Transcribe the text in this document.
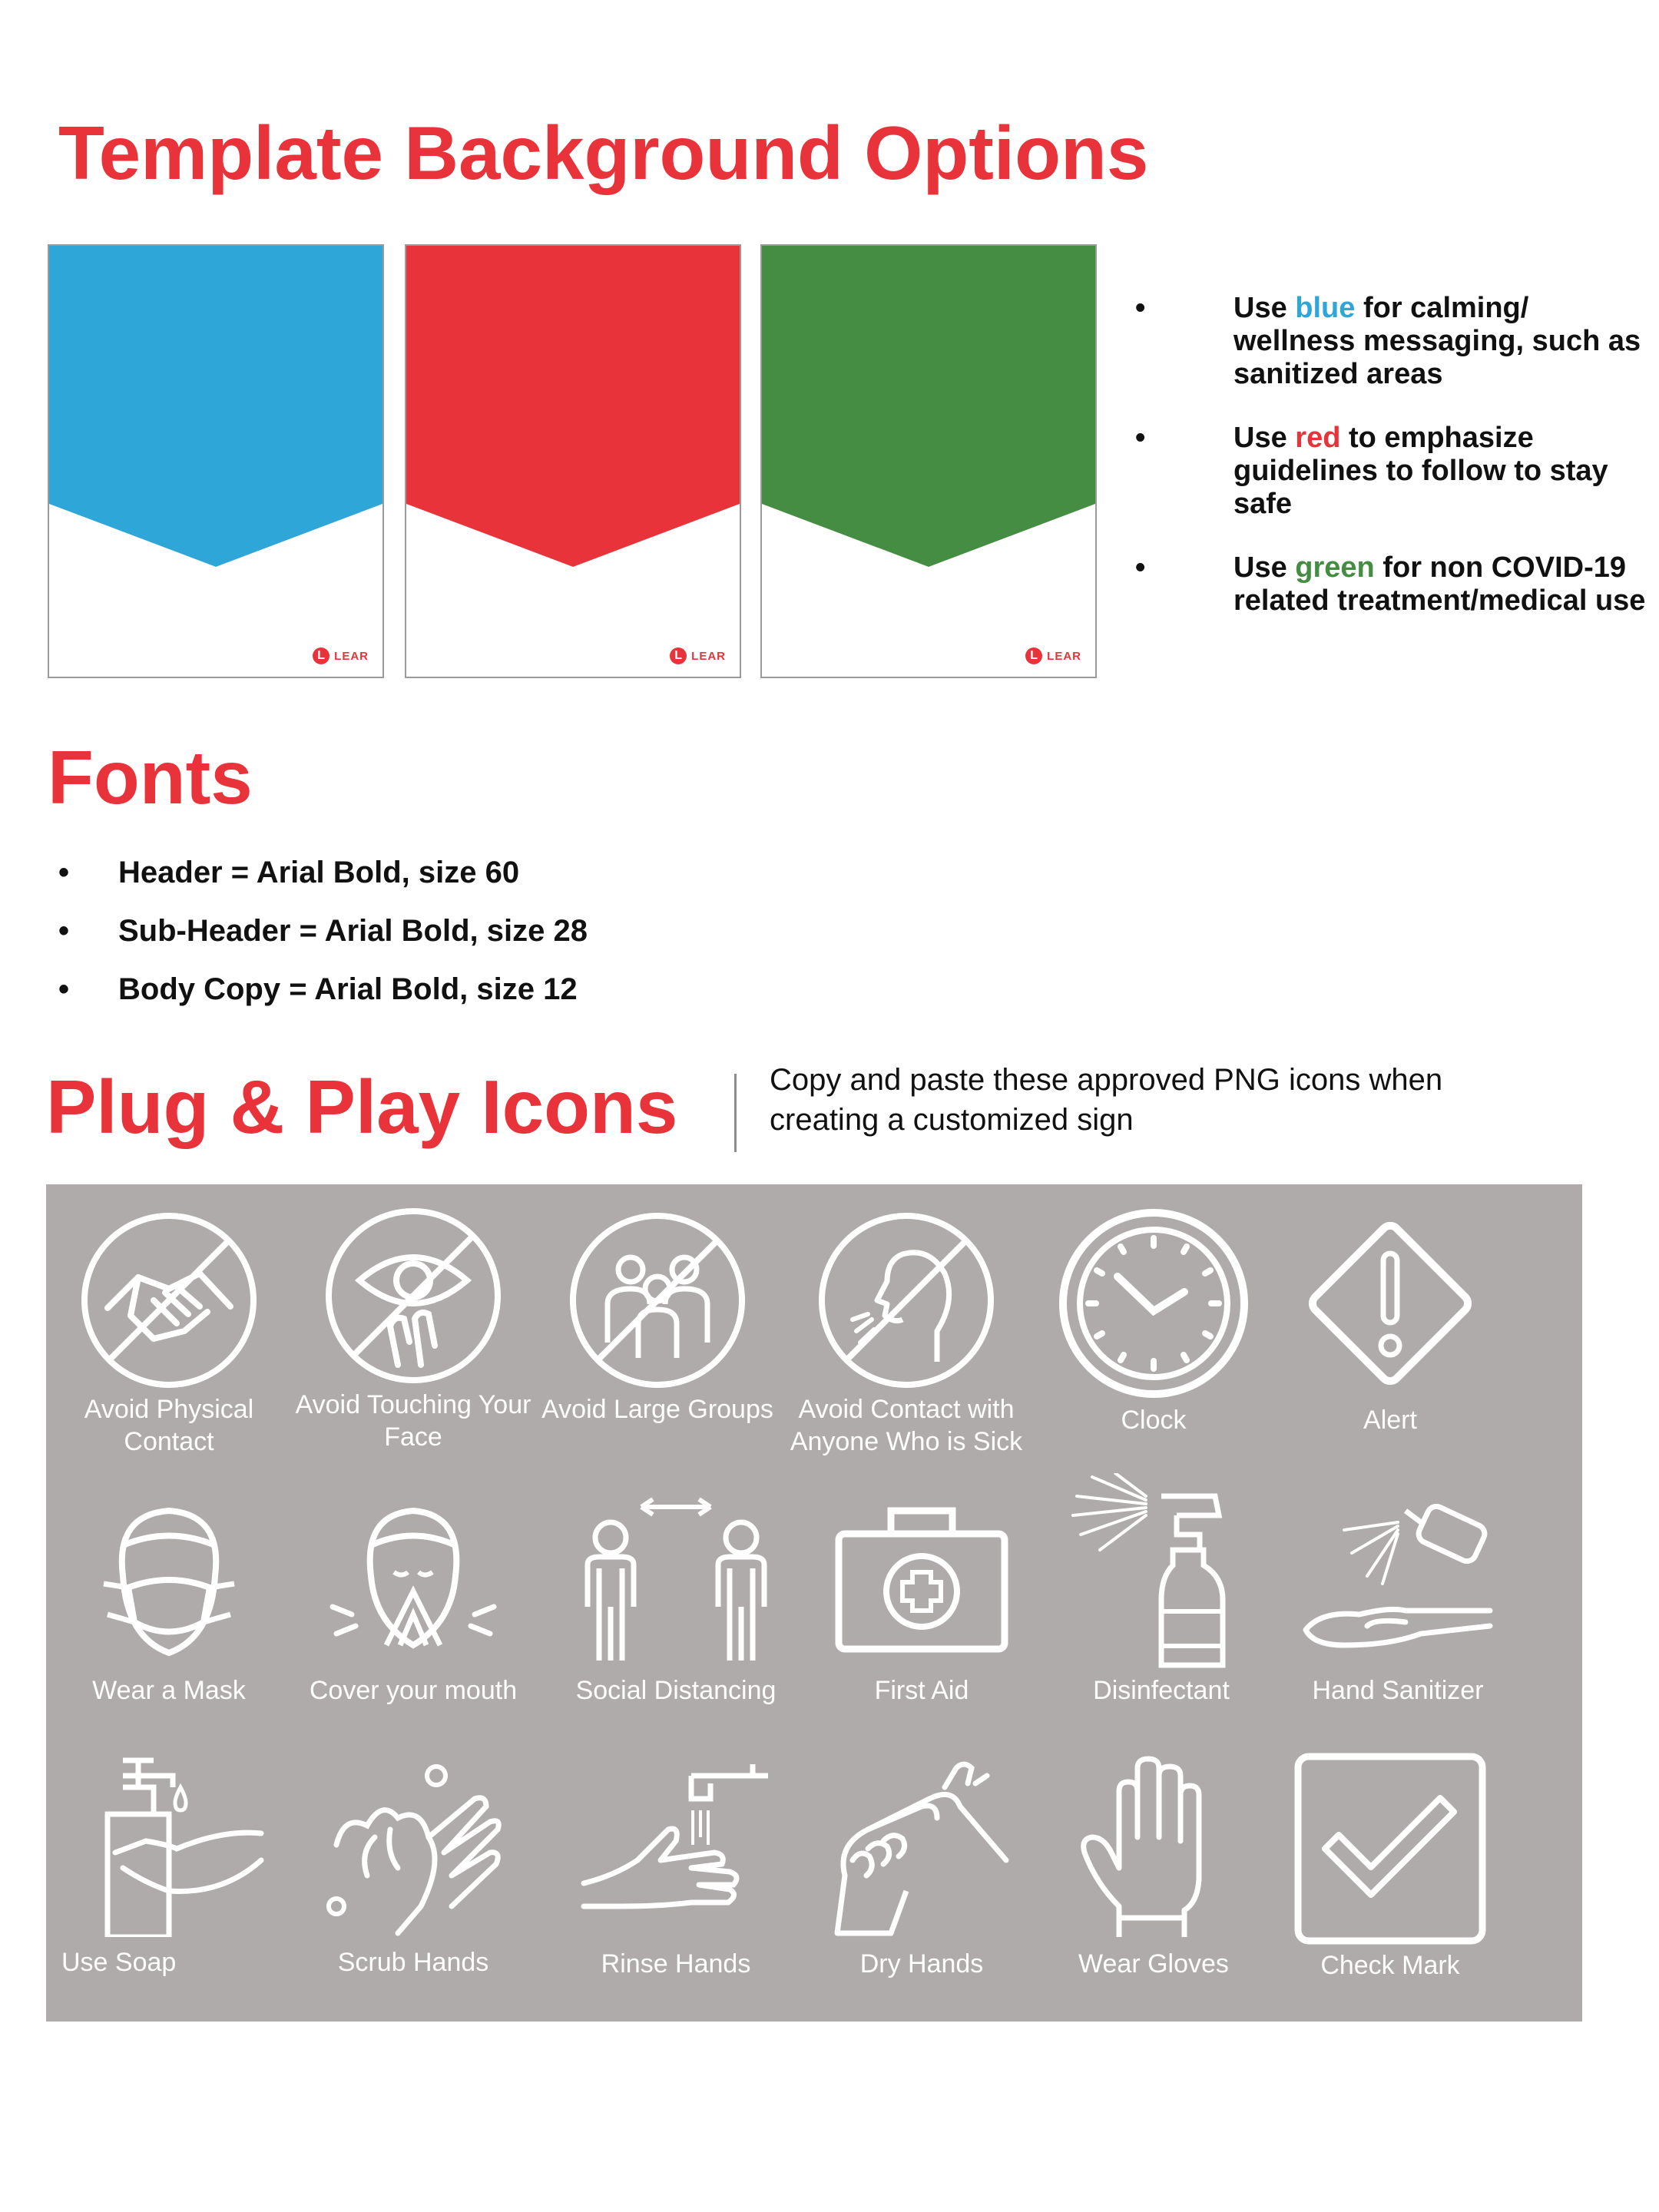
Template Background Options
L LEAR	L LEAR	L LEAR
•	Use blue for calming/ wellness messaging, such as sanitized areas
•	Use red to emphasize guidelines to follow to stay safe
•	Use green for non COVID-19 related treatment/medical use
Fonts
• Header = Arial Bold, size 60
• Sub-Header = Arial Bold, size 28
• Body Copy = Arial Bold, size 12
Plug & Play Icons	Copy and paste these approved PNG icons when creating a customized sign
Avoid Physical Contact
Avoid Touching Your Face
Avoid Large Groups Avoid Contact with Anyone Who is Sick
Clock	Alert
Wear a Mask	Cover your mouth	Social Distancing	First Aid	Disinfectant	Hand Sanitizer
Use Soap	Scrub Hands	Rinse Hands	Dry Hands	Wear Gloves	Check Mark
